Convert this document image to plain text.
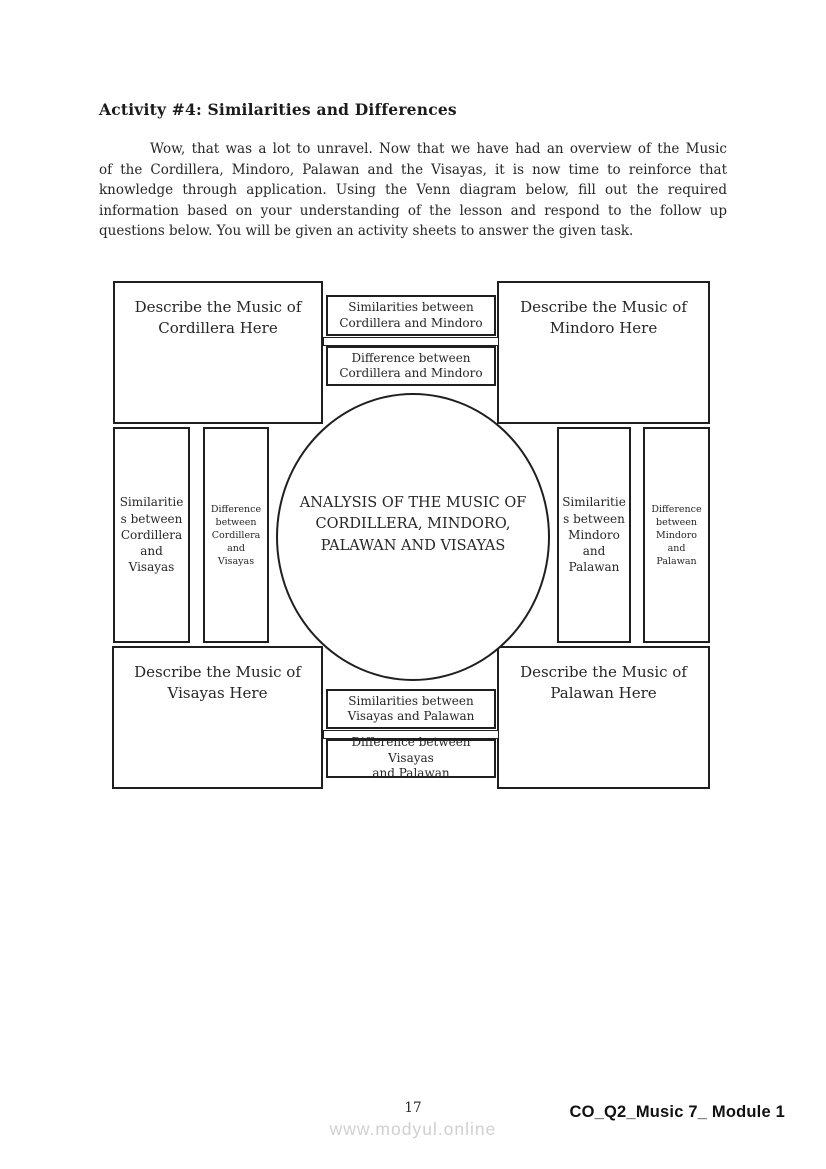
Activity #4: Similarities and Differences
Wow, that was a lot to unravel. Now that we have had an overview of the Music
of the Cordillera, Mindoro, Palawan and the Visayas, it is now time to reinforce that
knowledge through application. Using the Venn diagram below, fill out the required
information based on your understanding of the lesson and respond to the follow up
questions below. You will be given an activity sheets to answer the given task.
Describe the Music of
Cordillera Here
Describe the Music of
Mindoro Here
Describe the Music of
Visayas Here
Describe the Music of
Palawan Here
Similarities between
Cordillera and Mindoro
Difference between
Cordillera and Mindoro
Similarities between
Visayas and Palawan
Difference between Visayas
and Palawan
Similaritie
s between
Cordillera
and
Visayas
Difference
between
Cordillera
and
Visayas
Similaritie
s between
Mindoro
and
Palawan
Difference
between
Mindoro
and
Palawan
ANALYSIS OF THE MUSIC OF
CORDILLERA, MINDORO,
PALAWAN AND VISAYAS
17
www.modyul.online
CO_Q2_Music 7_ Module 1
